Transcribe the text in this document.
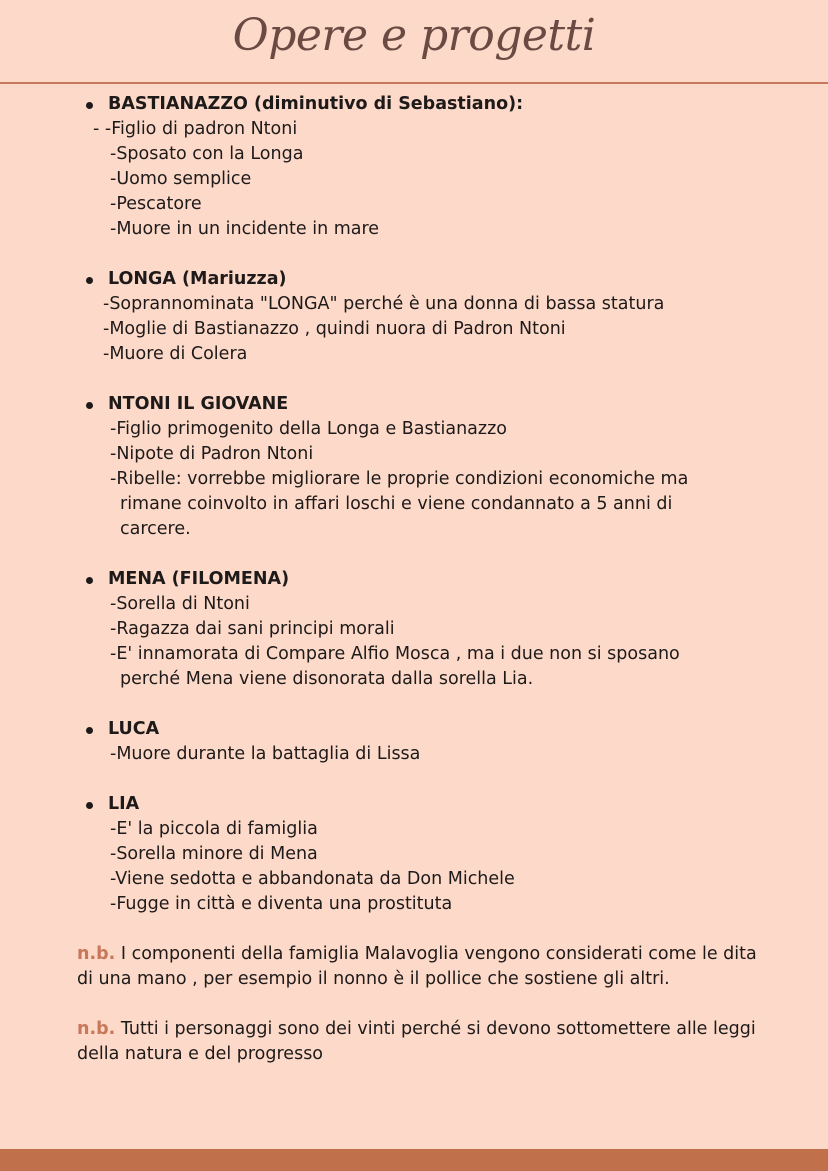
Opere e progetti
BASTIANAZZO (diminutivo di Sebastiano):
- -Figlio di padron Ntoni
-Sposato con la Longa
-Uomo semplice
-Pescatore
-Muore in un incidente in mare
LONGA (Mariuzza)
-Soprannominata "LONGA" perché è una donna di bassa statura
-Moglie di Bastianazzo , quindi nuora di Padron Ntoni
-Muore di Colera
NTONI IL GIOVANE
-Figlio primogenito della Longa e Bastianazzo
-Nipote di Padron Ntoni
-Ribelle: vorrebbe migliorare le proprie condizioni economiche ma
rimane coinvolto in affari loschi e viene condannato a 5 anni di
carcere.
MENA (FILOMENA)
-Sorella di Ntoni
-Ragazza dai sani principi morali
-E' innamorata di Compare Alfio Mosca , ma i due non si sposano
perché Mena viene disonorata dalla sorella Lia.
LUCA
-Muore durante la battaglia di Lissa
LIA
-E' la piccola di famiglia
-Sorella minore di Mena
-Viene sedotta e abbandonata da Don Michele
-Fugge in città e diventa una prostituta
n.b. I componenti della famiglia Malavoglia vengono considerati come le dita di una mano , per esempio il nonno è il pollice che sostiene gli altri.
n.b. Tutti i personaggi sono dei vinti perché si devono sottomettere alle leggi della natura e del progresso
